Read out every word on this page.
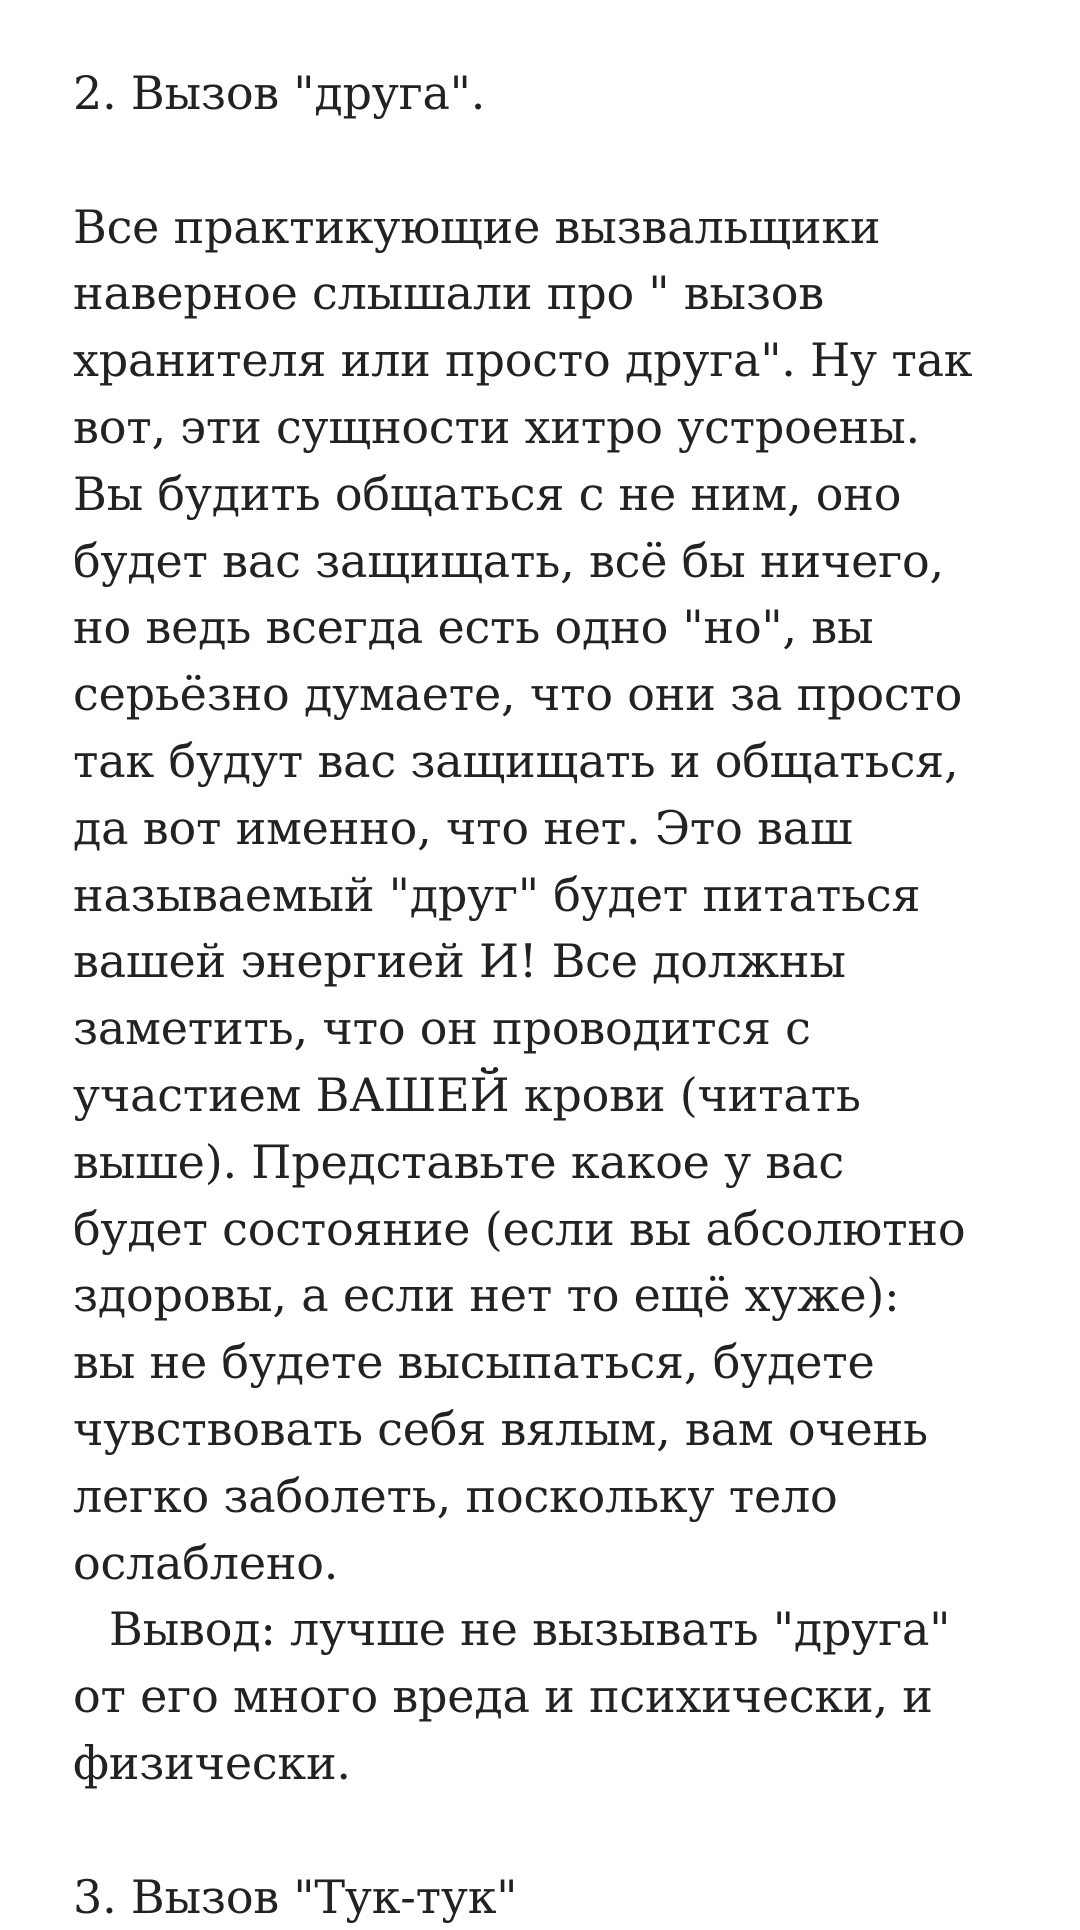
2. Вызов "друга".
Все практикующие вызвальщики
наверное слышали про " вызов
хранителя или просто друга". Ну так
вот, эти сущности хитро устроены.
Вы будить общаться с не ним, оно
будет вас защищать, всё бы ничего,
но ведь всегда есть одно "но", вы
серьёзно думаете, что они за просто
так будут вас защищать и общаться,
да вот именно, что нет. Это ваш
называемый "друг" будет питаться
вашей энергией И! Все должны
заметить, что он проводится с
участием ВАШЕЙ крови (читать
выше). Представьте какое у вас
будет состояние (если вы абсолютно
здоровы, а если нет то ещё хуже):
вы не будете высыпаться, будете
чувствовать себя вялым, вам очень
легко заболеть, поскольку тело
ослаблено.
Вывод: лучше не вызывать "друга"
от его много вреда и психически, и
физически.
3. Вызов "Тук-тук"
